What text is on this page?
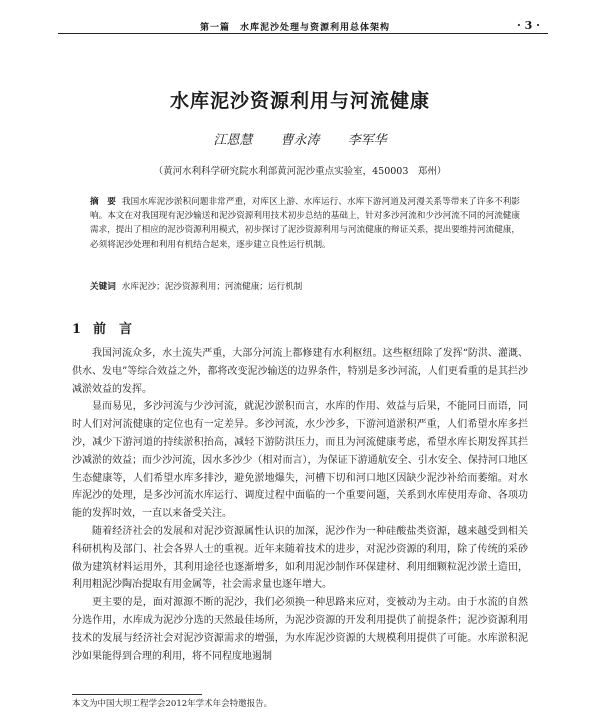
第一篇　水库泥沙处理与资源利用总体架构	· 3 ·
水库泥沙资源利用与河流健康
江恩慧 曹永涛 李军华
（黄河水利科学研究院水利部黄河泥沙重点实验室，450003　郑州）
摘　要 我国水库泥沙淤积问题非常严重，对库区上游、水库运行、水库下游河道及河漫关系等带来了许多不利影响。本文在对我国现有泥沙输送和泥沙资源利用技术初步总结的基础上，针对多沙河流和少沙河流不同的河流健康需求，提出了相应的泥沙资源利用模式，初步探讨了泥沙资源利用与河流健康的辩证关系，提出要维持河流健康，必须将泥沙处理和利用有机结合起来，逐步建立良性运行机制。
关键词 水库泥沙；泥沙资源利用；河流健康；运行机制
1 前　言

我国河流众多，水土流失严重，大部分河流上都修建有水利枢纽。这些枢纽除了发挥“防洪、灌溉、供水、发电”等综合效益之外，都将改变泥沙输送的边界条件，特别是多沙河流，人们更看重的是其拦沙减淤效益的发挥。

显而易见，多沙河流与少沙河流，就泥沙淤积而言，水库的作用、效益与后果，不能同日而语，同时人们对河流健康的定位也有一定差异。多沙河流，水少沙多，下游河道淤积严重，人们希望水库多拦沙，减少下游河道的持续淤积抬高，减轻下游防洪压力，而且为河流健康考虑，希望水库长期发挥其拦沙减淤的效益；而少沙河流，因水多沙少（相对而言），为保证下游通航安全、引水安全、保持河口地区生态健康等，人们希望水库多排沙，避免淤地爆失，河槽下切和河口地区因缺少泥沙补给而萎缩。对水库泥沙的处理，是多沙河流水库运行、调度过程中面临的一个重要问题，关系到水库使用寿命、各项功能的发挥时效，一直以来备受关注。

随着经济社会的发展和对泥沙资源属性认识的加深，泥沙作为一种硅酸盐类资源，越来越受到相关科研机构及部门、社会各界人士的重视。近年来随着技术的进步，对泥沙资源的利用，除了传统的采砂做为建筑材料运用外，其利用途径也逐渐增多，如利用泥沙制作环保建材、利用细颗粒泥沙淤土造田，利用粗泥沙陶冶提取有用金属等，社会需求量也逐年增大。

更主要的是，面对源源不断的泥沙，我们必须换一种思路来应对，变被动为主动。由于水流的自然分选作用，水库成为泥沙分选的天然最佳场所，为泥沙资源的开发利用提供了前提条件；泥沙资源利用技术的发展与经济社会对泥沙资源需求的增强，为水库泥沙资源的大规模利用提供了可能。水库淤积泥沙如果能得到合理的利用，将不同程度地遏制

本文为中国大坝工程学会2012年学术年会特邀报告。
